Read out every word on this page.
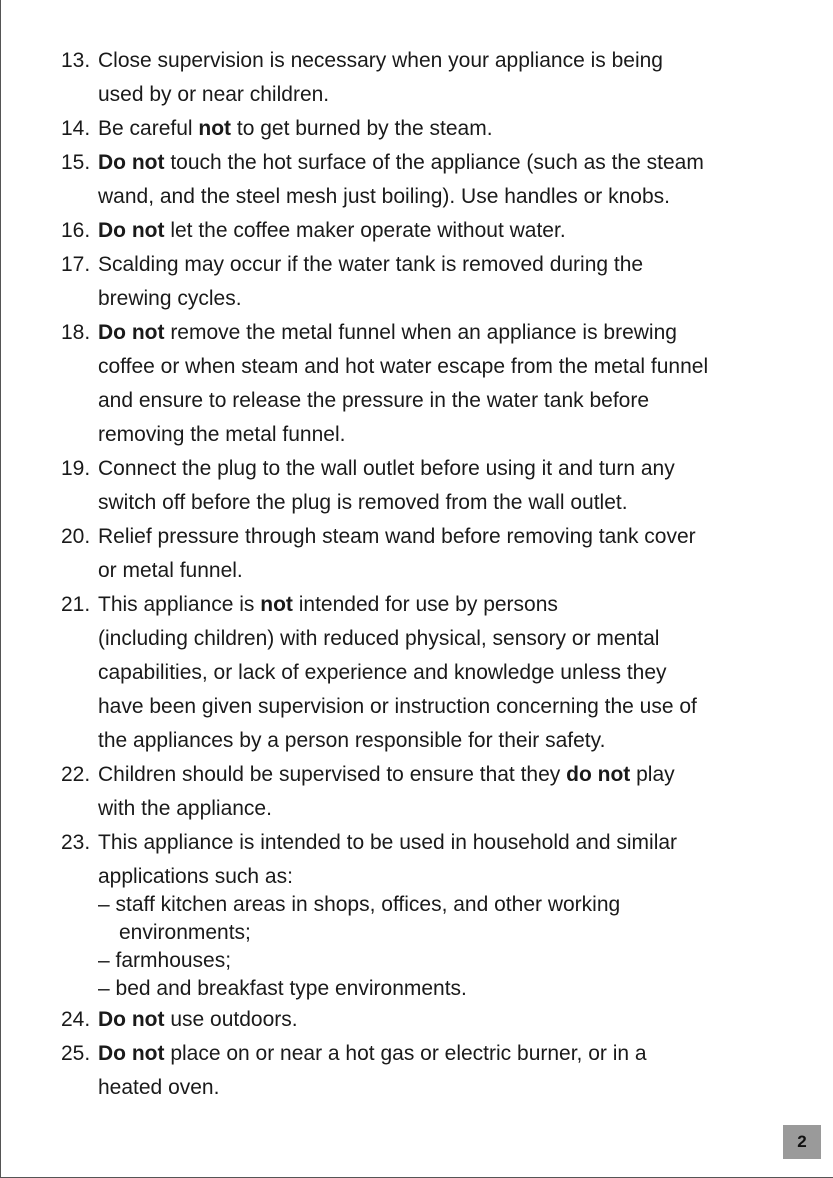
13. Close supervision is necessary when your appliance is being
used by or near children.
14. Be careful not to get burned by the steam.
15. Do not touch the hot surface of the appliance (such as the steam
wand, and the steel mesh just boiling). Use handles or knobs.
16. Do not let the coffee maker operate without water.
17. Scalding may occur if the water tank is removed during the
brewing cycles.
18. Do not remove the metal funnel when an appliance is brewing
coffee or when steam and hot water escape from the metal funnel
and ensure to release the pressure in the water tank before
removing the metal funnel.
19. Connect the plug to the wall outlet before using it and turn any
switch off before the plug is removed from the wall outlet.
20. Relief pressure through steam wand before removing tank cover
or metal funnel.
21. This appliance is not intended for use by persons
(including children) with reduced physical, sensory or mental
capabilities, or lack of experience and knowledge unless they
have been given supervision or instruction concerning the use of
the appliances by a person responsible for their safety.
22. Children should be supervised to ensure that they do not play
with the appliance.
23. This appliance is intended to be used in household and similar
applications such as:
– staff kitchen areas in shops, offices, and other working
environments;
– farmhouses;
– bed and breakfast type environments.
24. Do not use outdoors.
25. Do not place on or near a hot gas or electric burner, or in a
heated oven.
2
